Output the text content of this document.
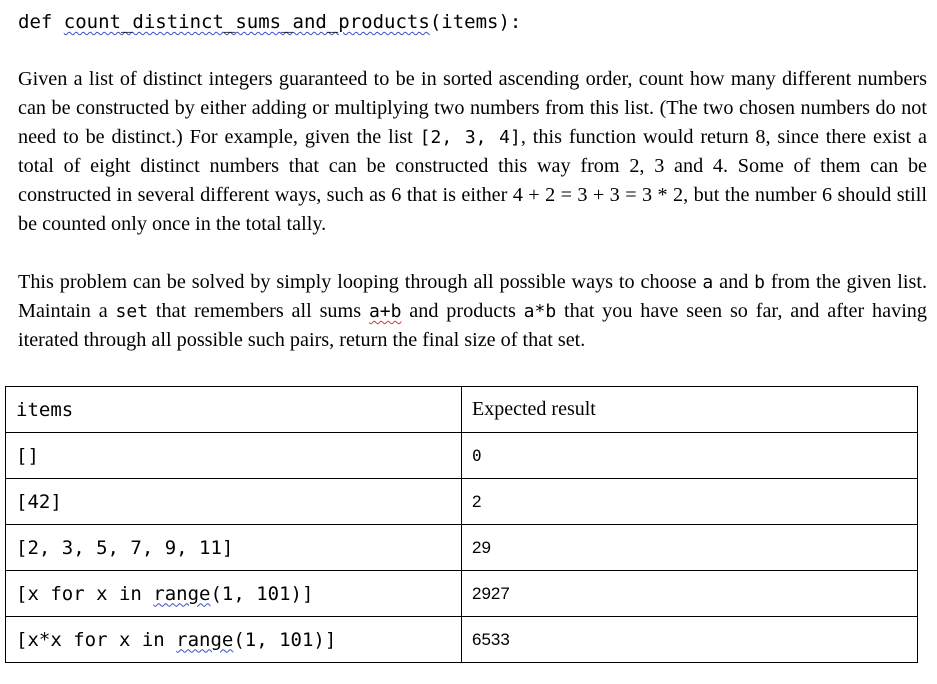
def count_distinct_sums_and_products(items):
Given a list of distinct integers guaranteed to be in sorted ascending order, count how many different numbers can be constructed by either adding or multiplying two numbers from this list. (The two chosen numbers do not need to be distinct.) For example, given the list [2, 3, 4], this function would return 8, since there exist a total of eight distinct numbers that can be constructed this way from 2, 3 and 4. Some of them can be constructed in several different ways, such as 6 that is either 4 + 2 = 3 + 3 = 3 * 2, but the number 6 should still be counted only once in the total tally.
This problem can be solved by simply looping through all possible ways to choose a and b from the given list. Maintain a set that remembers all sums a+b and products a*b that you have seen so far, and after having iterated through all possible such pairs, return the final size of that set.
items	Expected result
[]	0
[42]	2
[2, 3, 5, 7, 9, 11]	29
[x for x in range(1, 101)]	2927
[x*x for x in range(1, 101)]	6533
